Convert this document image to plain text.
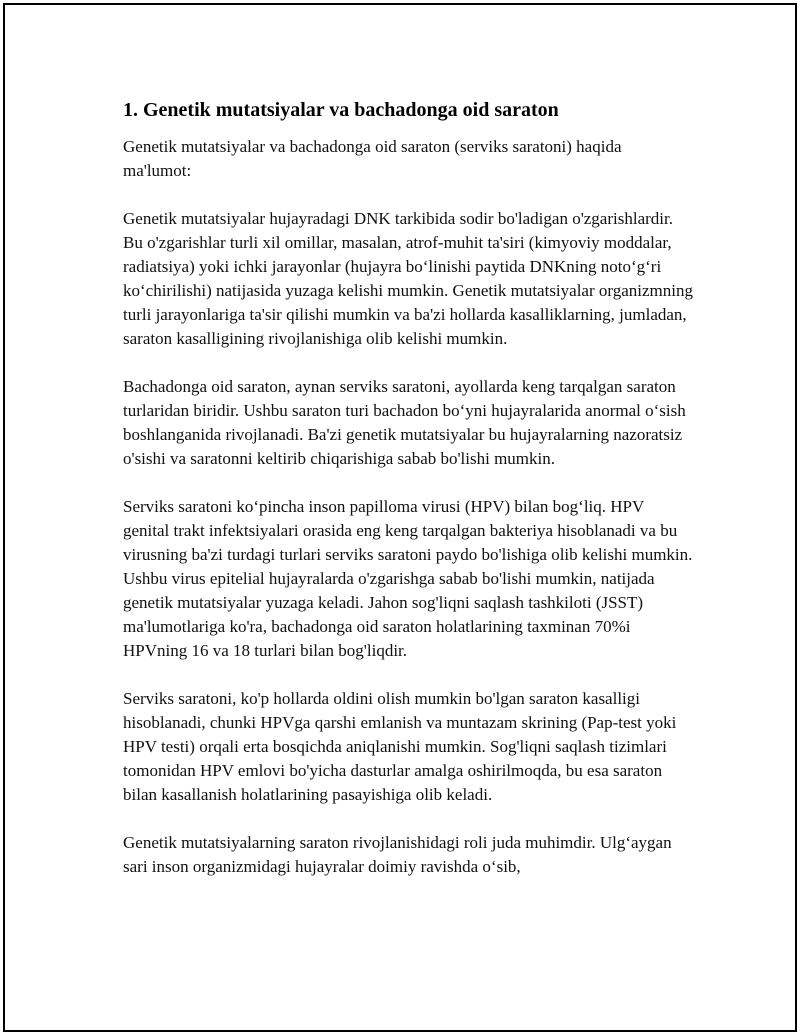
1. Genetik mutatsiyalar va bachadonga oid saraton

Genetik mutatsiyalar va bachadonga oid saraton (serviks saratoni) haqida ma'lumot:

Genetik mutatsiyalar hujayradagi DNK tarkibida sodir bo'ladigan o'zgarishlardir. Bu o'zgarishlar turli xil omillar, masalan, atrof-muhit ta'siri (kimyoviy moddalar, radiatsiya) yoki ichki jarayonlar (hujayra bo‘linishi paytida DNKning noto‘g‘ri ko‘chirilishi) natijasida yuzaga kelishi mumkin. Genetik mutatsiyalar organizmning turli jarayonlariga ta'sir qilishi mumkin va ba'zi hollarda kasalliklarning, jumladan, saraton kasalligining rivojlanishiga olib kelishi mumkin.

Bachadonga oid saraton, aynan serviks saratoni, ayollarda keng tarqalgan saraton turlaridan biridir. Ushbu saraton turi bachadon bo‘yni hujayralarida anormal o‘sish boshlanganida rivojlanadi. Ba'zi genetik mutatsiyalar bu hujayralarning nazoratsiz o'sishi va saratonni keltirib chiqarishiga sabab bo'lishi mumkin.

Serviks saratoni ko‘pincha inson papilloma virusi (HPV) bilan bog‘liq. HPV genital trakt infektsiyalari orasida eng keng tarqalgan bakteriya hisoblanadi va bu virusning ba'zi turdagi turlari serviks saratoni paydo bo'lishiga olib kelishi mumkin. Ushbu virus epitelial hujayralarda o'zgarishga sabab bo'lishi mumkin, natijada genetik mutatsiyalar yuzaga keladi. Jahon sog'liqni saqlash tashkiloti (JSST) ma'lumotlariga ko'ra, bachadonga oid saraton holatlarining taxminan 70%i HPVning 16 va 18 turlari bilan bog'liqdir.

Serviks saratoni, ko'p hollarda oldini olish mumkin bo'lgan saraton kasalligi hisoblanadi, chunki HPVga qarshi emlanish va muntazam skrining (Pap-test yoki HPV testi) orqali erta bosqichda aniqlanishi mumkin. Sog'liqni saqlash tizimlari tomonidan HPV emlovi bo'yicha dasturlar amalga oshirilmoqda, bu esa saraton bilan kasallanish holatlarining pasayishiga olib keladi.

Genetik mutatsiyalarning saraton rivojlanishidagi roli juda muhimdir. Ulg‘aygan sari inson organizmidagi hujayralar doimiy ravishda o‘sib,
